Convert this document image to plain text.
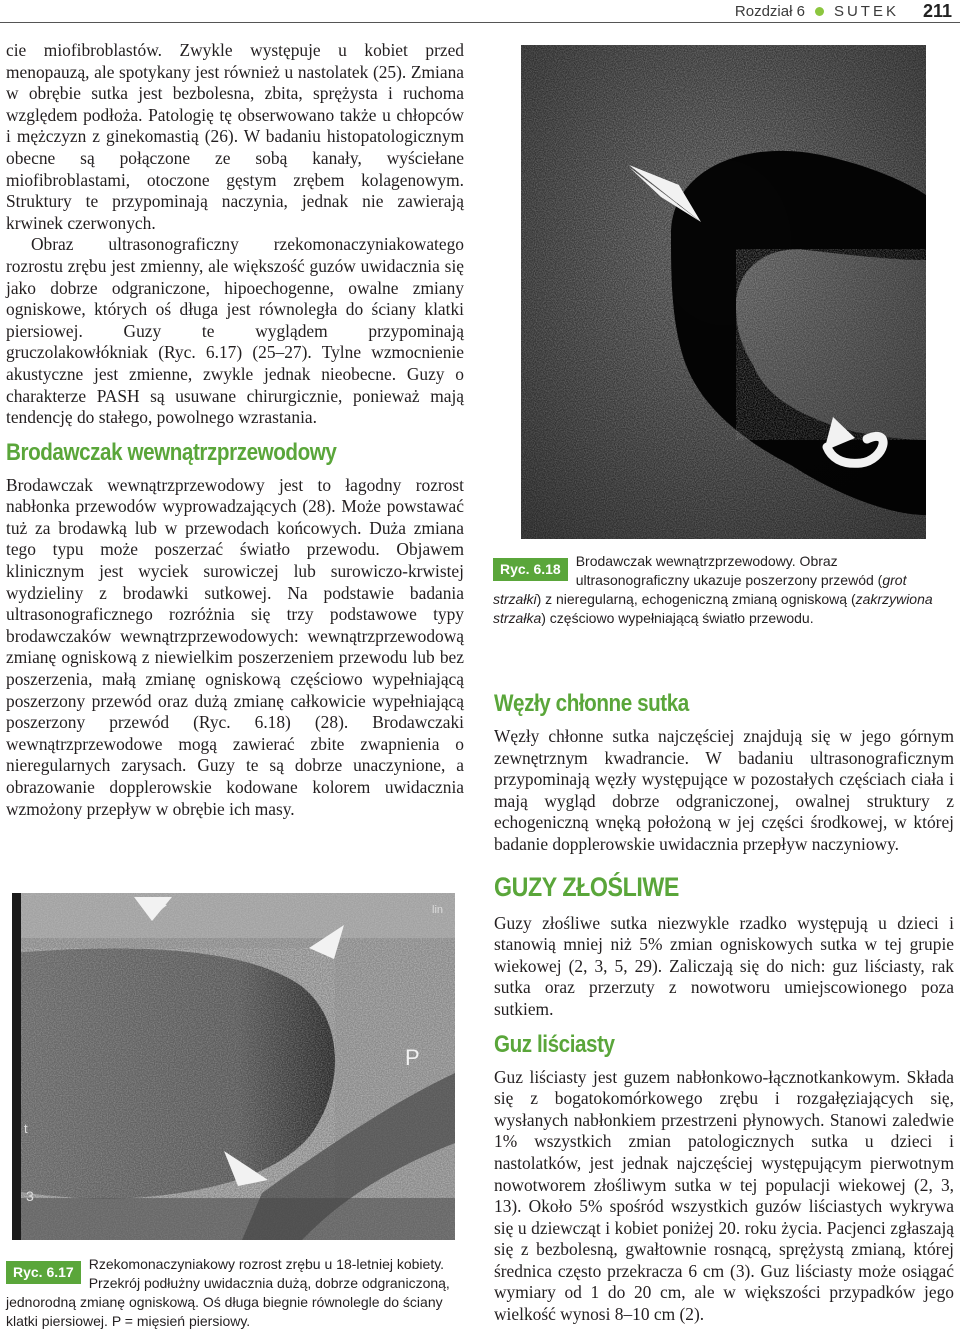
Rozdział 6 SUTEK 211

cie miofibroblastów. Zwykle występuje u kobiet przed menopauzą, ale spotykany jest również u nastolatek (25). Zmiana w obrębie sutka jest bezbolesna, zbita, sprężysta i ruchoma względem podłoża. Patologię tę obserwowano także u chłopców i mężczyzn z ginekomastią (26). W badaniu histopatologicznym obecne są połączone ze sobą kanały, wyściełane miofibroblastami, otoczone gęstym zrębem kolagenowym. Struktury te przypominają naczynia, jednak nie zawierają krwinek czerwonych.

Obraz ultrasonograficzny rzekomonaczyniakowatego rozrostu zrębu jest zmienny, ale większość guzów uwidacznia się jako dobrze odgraniczone, hipoechogenne, owalne zmiany ogniskowe, których oś długa jest równoległa do ściany klatki piersiowej. Guzy te wyglądem przypominają gruczolakowłókniak (Ryc. 6.17) (25–27). Tylne wzmocnienie akustyczne jest zmienne, zwykle jednak nieobecne. Guzy o charakterze PASH są usuwane chirurgicznie, ponieważ mają tendencję do stałego, powolnego wzrastania.

Brodawczak wewnątrzprzewodowy

Brodawczak wewnątrzprzewodowy jest to łagodny rozrost nabłonka przewodów wyprowadzających (28). Może powstawać tuż za brodawką lub w przewodach końcowych. Duża zmiana tego typu może poszerzać światło przewodu. Objawem klinicznym jest wyciek surowiczej lub surowiczo-krwistej wydzieliny z brodawki sutkowej. Na podstawie badania ultrasonograficznego rozróżnia się trzy podstawowe typy brodawczaków wewnątrzprzewodowych: wewnątrzprzewodową zmianę ogniskową z niewielkim poszerzeniem przewodu lub bez poszerzenia, małą zmianę ogniskową częściowo wypełniającą poszerzony przewód oraz dużą zmianę całkowicie wypełniającą poszerzony przewód (Ryc. 6.18) (28). Brodawczaki wewnątrzprzewodowe mogą zawierać zbite zwapnienia o nieregularnych zarysach. Guzy te są dobrze unaczynione, a obrazowanie dopplerowskie kodowane kolorem uwidacznia wzmożony przepływ w obrębie ich masy.

Ryc. 6.18	Brodawczak wewnątrzprzewodowy. Obraz ultrasonograficzny ukazuje poszerzony przewód (grot strzałki) z nieregularną, echogeniczną zmianą ogniskową (zakrzywiona strzałka) częściowo wypełniającą światło przewodu.
Węzły chłonne sutka

Węzły chłonne sutka najczęściej znajdują się w jego górnym zewnętrznym kwadrancie. W badaniu ultrasonograficznym przypominają węzły występujące w pozostałych częściach ciała i mają wygląd dobrze odgraniczonej, owalnej struktury z echogeniczną wnęką położoną w jej części środkowej, w której badanie dopplerowskie uwidacznia przepływ naczyniowy.

GUZY ZŁOŚLIWE

Guzy złośliwe sutka niezwykle rzadko występują u dzieci i stanowią mniej niż 5% zmian ogniskowych sutka w tej grupie wiekowej (2, 3, 5, 29). Zaliczają się do nich: guz liściasty, rak sutka oraz przerzuty z nowotworu umiejscowionego poza sutkiem.

Guz liściasty

Guz liściasty jest guzem nabłonkowo-łącznotkankowym. Składa się z bogatokomórkowego zrębu i rozgałęziających się, wysłanych nabłonkiem przestrzeni płynowych. Stanowi zaledwie 1% wszystkich zmian patologicznych sutka u dzieci i nastolatków, jest jednak najczęściej występującym pierwotnym nowotworem złośliwym sutka w tej populacji wiekowej (2, 3, 13). Około 5% spośród wszystkich guzów liściastych wykrywa się u dziewcząt i kobiet poniżej 20. roku życia. Pacjenci zgłaszają się z bezbolesną, gwałtownie rosnącą, sprężystą zmianą, której średnica często przekracza 6 cm (3). Guz liściasty może osiągać wymiary od 1 do 20 cm, ale w większości przypadków jego wielkość wynosi 8–10 cm (2).

P
lin
t
3
Ryc. 6.17	Rzekomonaczyniakowy rozrost zrębu u 18-letniej kobiety. Przekrój podłużny uwidacznia dużą, dobrze odgraniczoną, jednorodną zmianę ogniskową. Oś długa biegnie równolegle do ściany klatki piersiowej. P = mięsień piersiowy.
